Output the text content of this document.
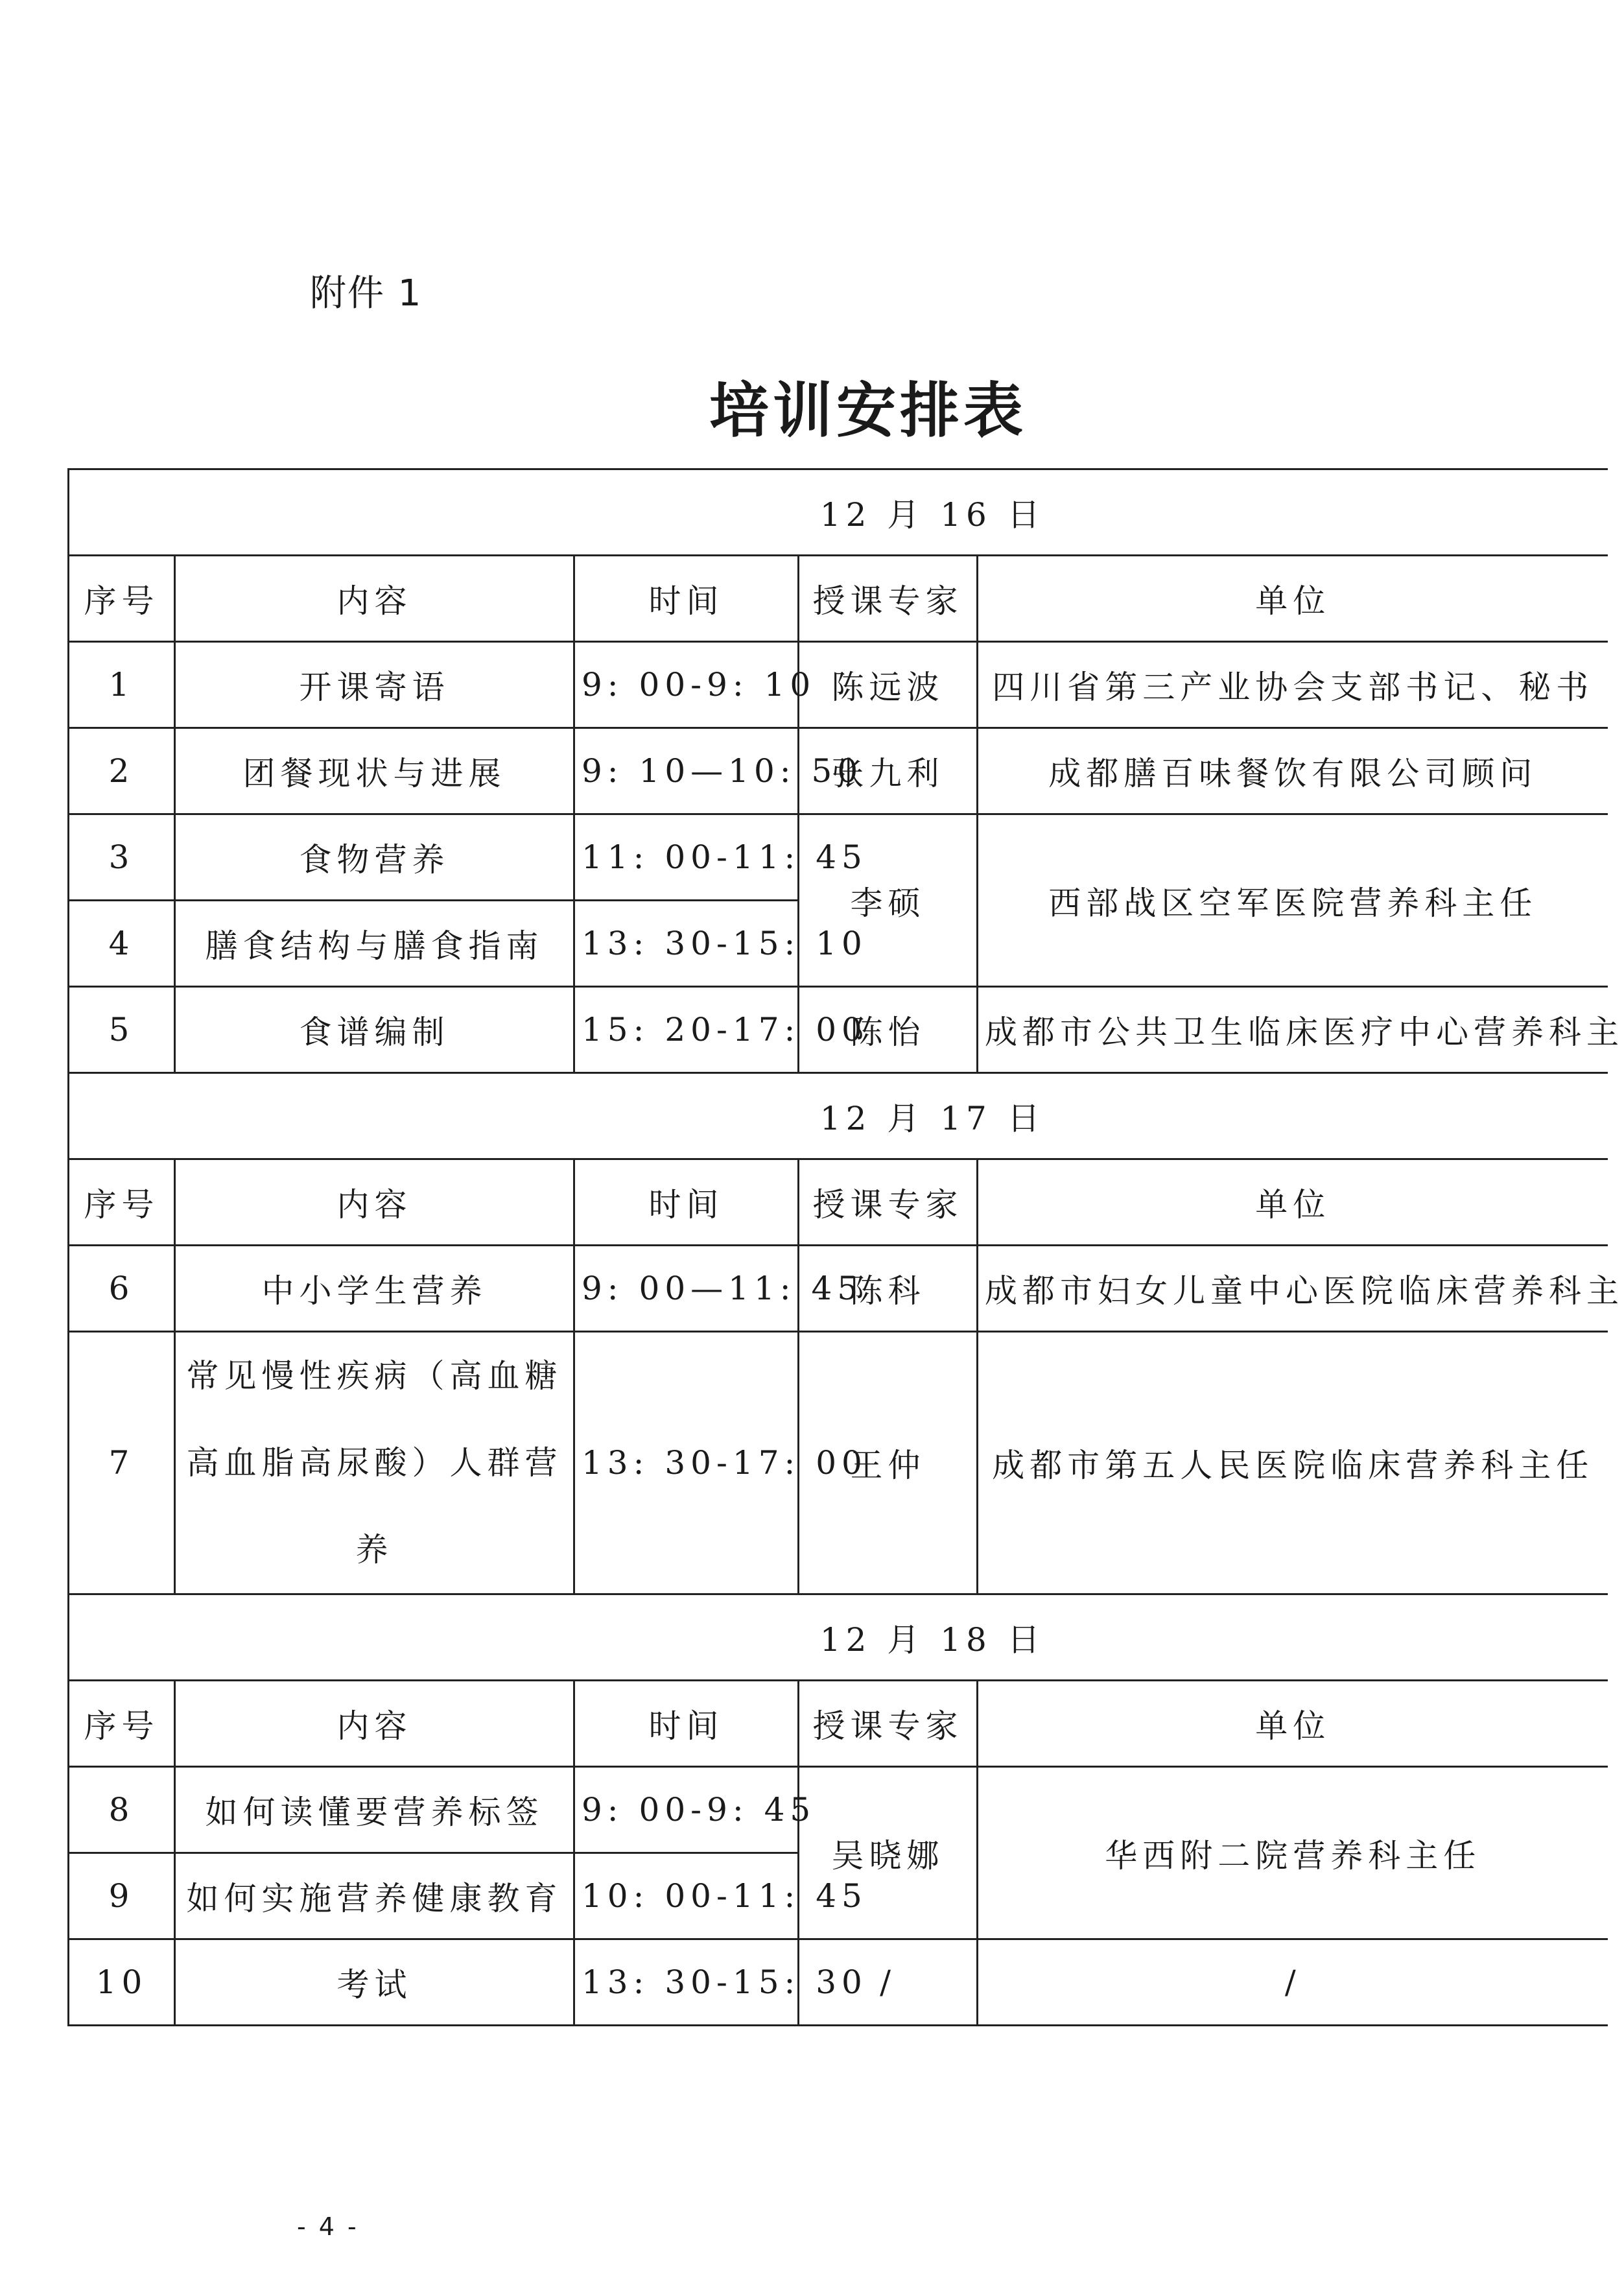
附件 1
培训安排表
12 月 16 日				
序号	内容	时间	授课专家	单位
1	开课寄语	9: 00-9: 10	陈远波	四川省第三产业协会支部书记、秘书
2	团餐现状与进展	9: 10—10: 50	张九利	成都膳百味餐饮有限公司顾问
3	食物营养	11: 00-11: 45	李硕	西部战区空军医院营养科主任
4	膳食结构与膳食指南	13: 30-15: 10		
5	食谱编制	15: 20-17: 00	陈怡	成都市公共卫生临床医疗中心营养科主
12 月 17 日				
序号	内容	时间	授课专家	单位
6	中小学生营养	9: 00—11: 45	陈科	成都市妇女儿童中心医院临床营养科主
7	常见慢性疾病（高血糖高血脂高尿酸）人群营养	13: 30-17: 00	王仲	成都市第五人民医院临床营养科主任
12 月 18 日				
序号	内容	时间	授课专家	单位
8	如何读懂要营养标签	9: 00-9: 45	吴晓娜	华西附二院营养科主任
9	如何实施营养健康教育	10: 00-11: 45		
10	考试	13: 30-15: 30	/	/
- 4 -
